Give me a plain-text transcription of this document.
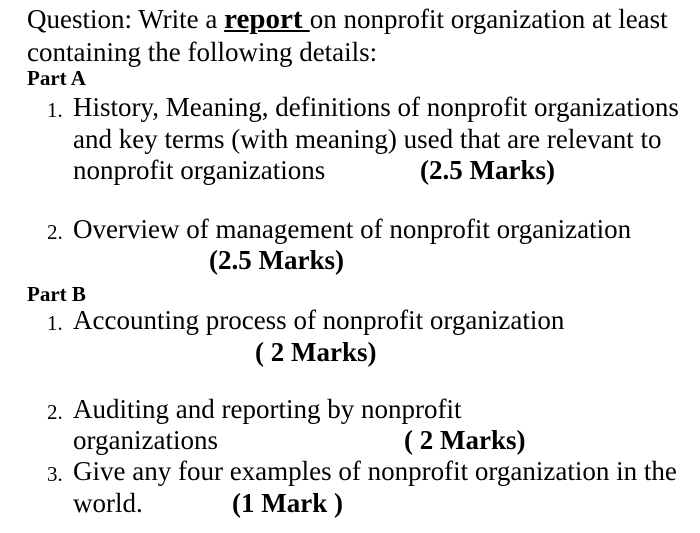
Question: Write a report on nonprofit organization at least
containing the following details:

Part A

1. History, Meaning, definitions of nonprofit organizations
and key terms (with meaning) used that are relevant to
nonprofit organizations	(2.5 Marks)
2. Overview of management of nonprofit organization
(2.5 Marks)

Part B

1. Accounting process of nonprofit organization
( 2 Marks)
2. Auditing and reporting by nonprofit
organizations	( 2 Marks)
3. Give any four examples of nonprofit organization in the
world.	(1 Mark )
